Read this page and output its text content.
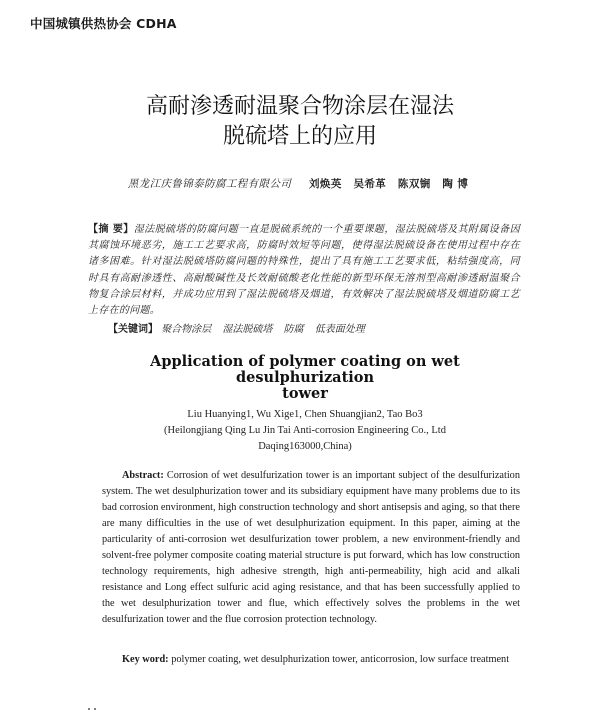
中国城镇供热协会 CDHA
高耐渗透耐温聚合物涂层在湿法
脱硫塔上的应用
黑龙江庆鲁锦泰防腐工程有限公司 刘焕英 吴希革 陈双锎 陶 博
【摘 要】湿法脱硫塔的防腐问题一直是脱硫系统的一个重要课题，湿法脱硫塔及其附属设备因其腐蚀环境恶劣，施工工艺要求高，防腐时效短等问题，使得湿法脱硫设备在使用过程中存在诸多困难。针对湿法脱硫塔防腐问题的特殊性，提出了具有施工工艺要求低，粘结强度高，同时具有高耐渗透性、高耐酸碱性及长效耐硫酸老化性能的新型环保无溶剂型高耐渗透耐温聚合物复合涂层材料，并成功应用到了湿法脱硫塔及烟道，有效解决了湿法脱硫塔及烟道防腐工艺上存在的问题。
【关键词】 聚合物涂层 湿法脱硫塔 防腐 低表面处理
Application of polymer coating on wet desulphurization
tower
Liu Huanying1, Wu Xige1, Chen Shuangjian2, Tao Bo3
(Heilongjiang Qing Lu Jin Tai Anti-corrosion Engineering Co., Ltd
Daqing163000,China)
Abstract: Corrosion of wet desulfurization tower is an important subject of the desulfurization system. The wet desulphurization tower and its subsidiary equipment have many problems due to its bad corrosion environment, high construction technology and short antisepsis and aging, so that there are many difficulties in the use of wet desulphurization equipment. In this paper, aiming at the particularity of anti-corrosion wet desulfurization tower problem, a new environment-friendly and solvent-free polymer composite coating material structure is put forward, which has low construction technology requirements, high adhesive strength, high anti-permeability, high acid and alkali resistance and Long effect sulfuric acid aging resistance, and that has been successfully applied to the wet desulphurization tower and flue, which effectively solves the problems in the wet desulfurization tower and the flue corrosion protection technology.
Key word: polymer coating, wet desulphurization tower, anticorrosion, low surface treatment
